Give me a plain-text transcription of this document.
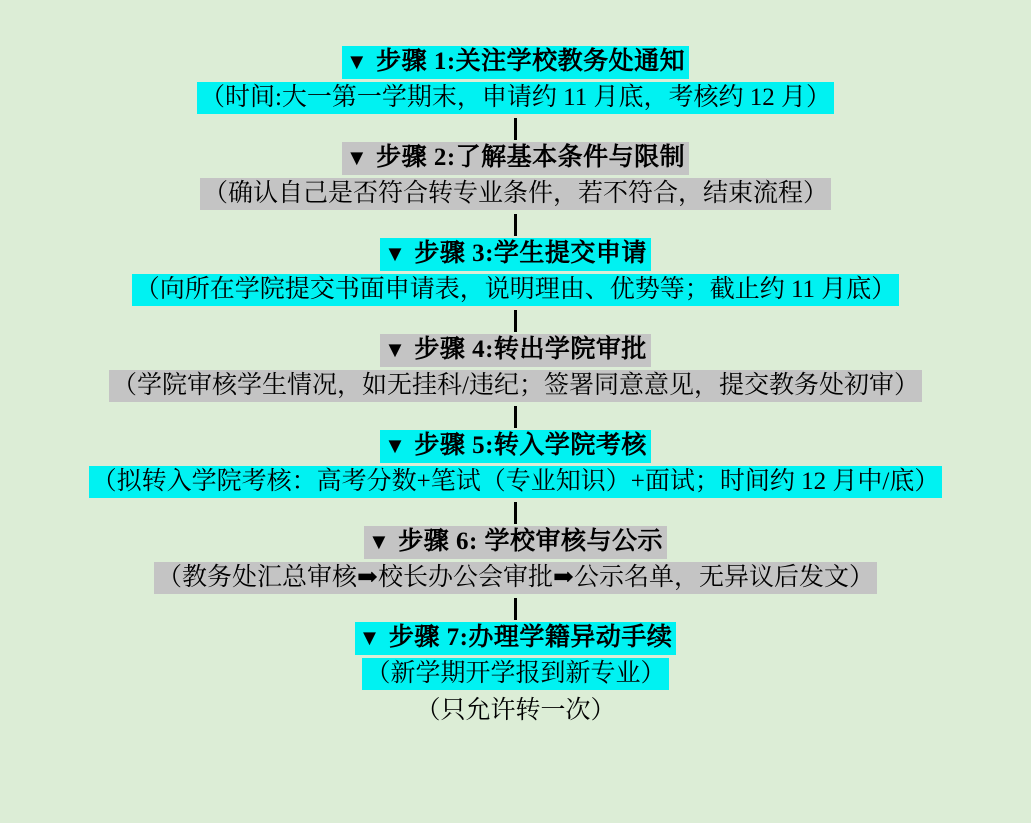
▼ 步骤 1:关注学校教务处通知
（时间:大一第一学期末，申请约 11 月底，考核约 12 月）
▼ 步骤 2:了解基本条件与限制
（确认自己是否符合转专业条件，若不符合，结束流程）
▼ 步骤 3:学生提交申请
（向所在学院提交书面申请表，说明理由、优势等；截止约 11 月底）
▼ 步骤 4:转出学院审批
（学院审核学生情况，如无挂科/违纪；签署同意意见，提交教务处初审）
▼ 步骤 5:转入学院考核
（拟转入学院考核：高考分数+笔试（专业知识）+面试；时间约 12 月中/底）
▼ 步骤 6: 学校审核与公示
（教务处汇总审核➡校长办公会审批➡公示名单，无异议后发文）
▼ 步骤 7:办理学籍异动手续
（新学期开学报到新专业）
（只允许转一次）
